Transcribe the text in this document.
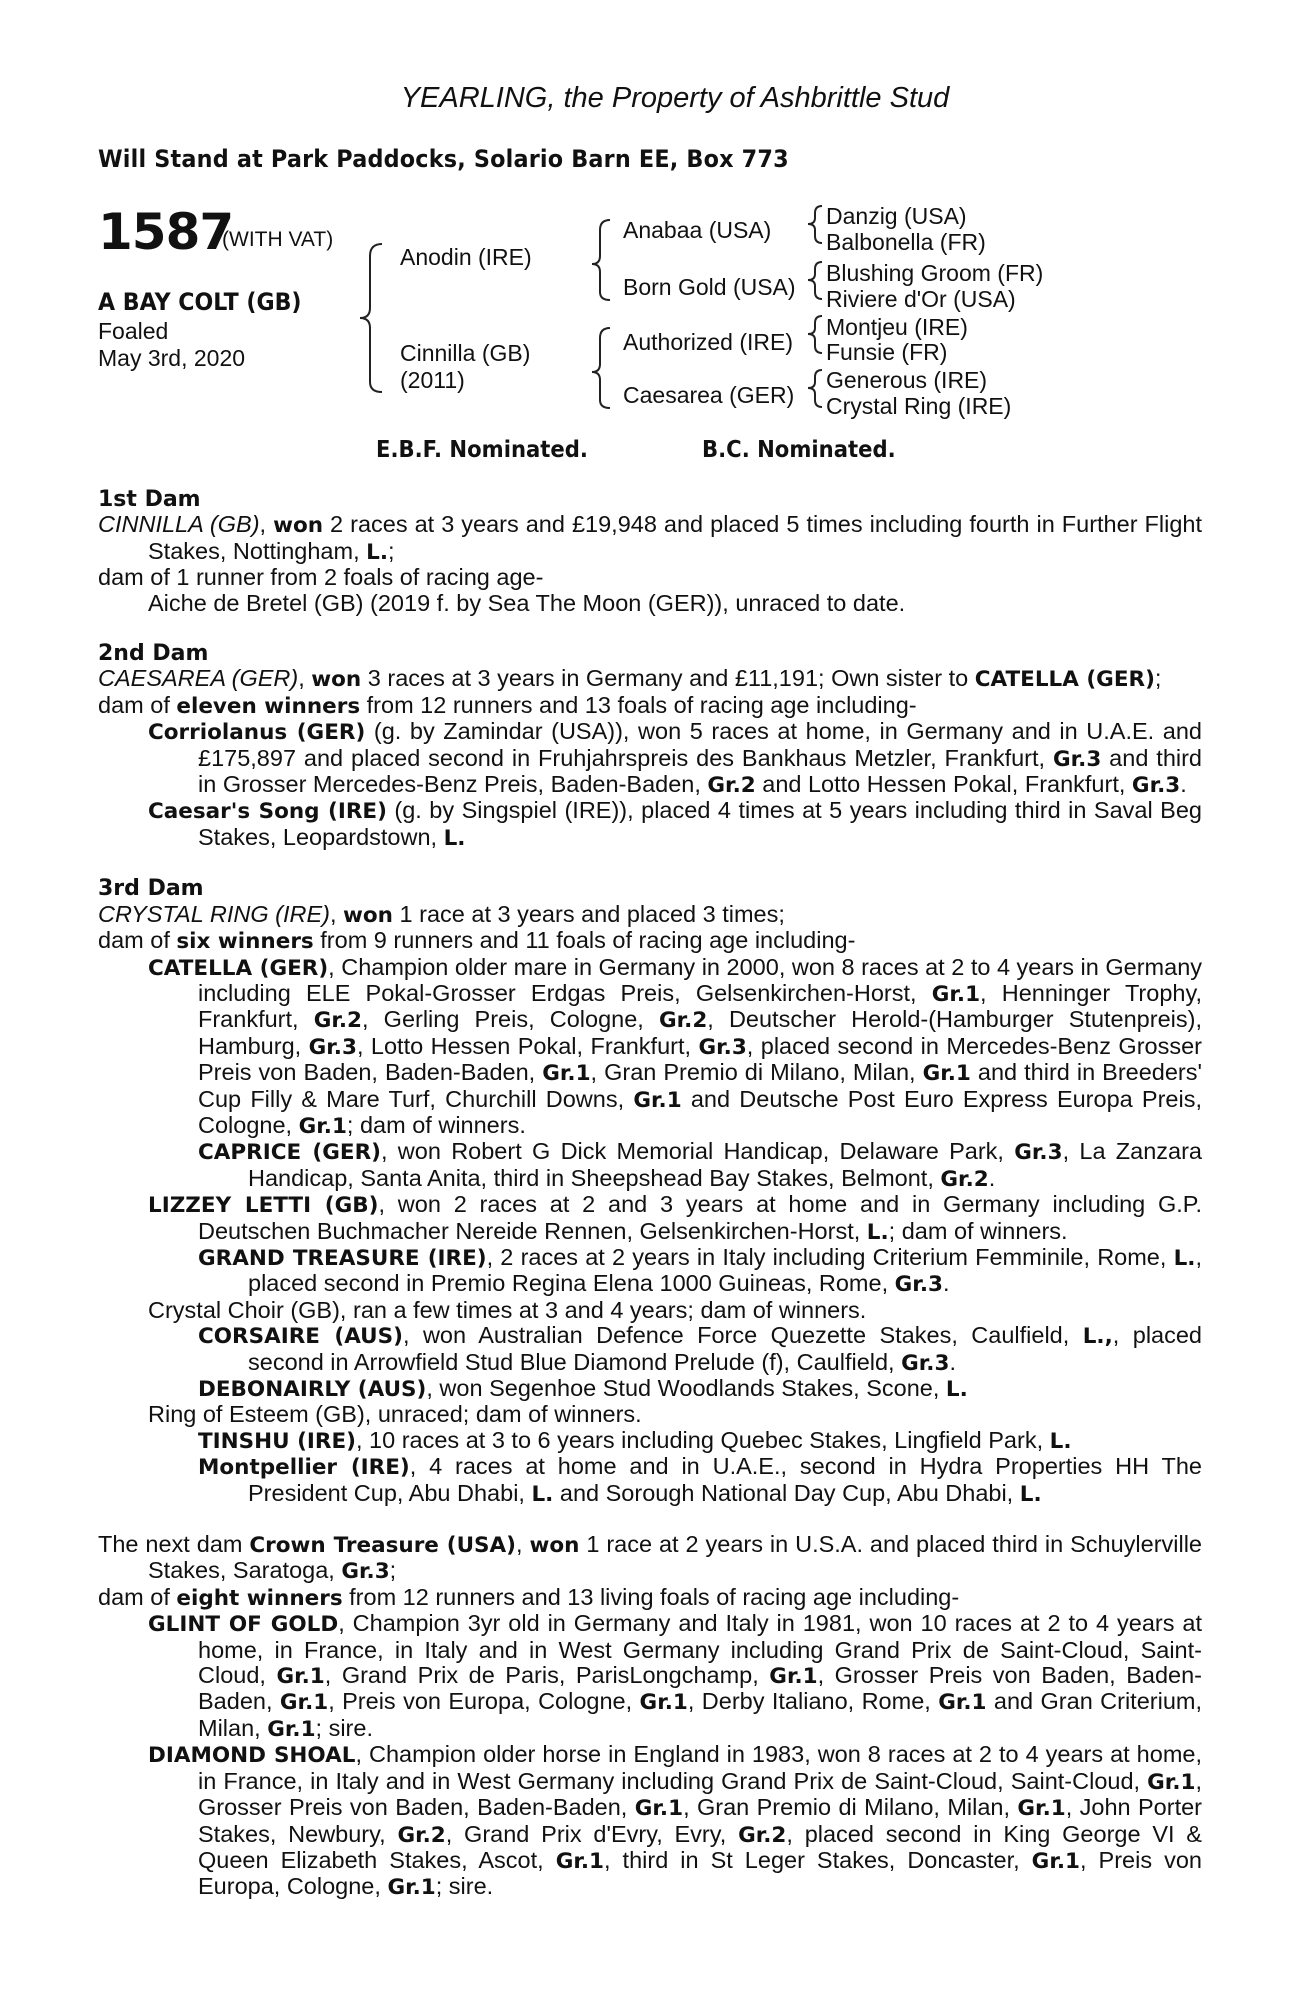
YEARLING, the Property of Ashbrittle Stud
Will Stand at Park Paddocks, Solario Barn EE, Box 773
1587
(WITH VAT)
A BAY COLT (GB)
Foaled
May 3rd, 2020
Anodin (IRE)
Cinnilla (GB)
(2011)
Anabaa (USA)
Born Gold (USA)
Authorized (IRE)
Caesarea (GER)
Danzig (USA)
Balbonella (FR)
Blushing Groom (FR)
Riviere d'Or (USA)
Montjeu (IRE)
Funsie (FR)
Generous (IRE)
Crystal Ring (IRE)
E.B.F. Nominated.	B.C. Nominated.
1st Dam
CINNILLA (GB), won 2 races at 3 years and £19,948 and placed 5 times including fourth in Further Flight Stakes, Nottingham, L.;
dam of 1 runner from 2 foals of racing age-
Aiche de Bretel (GB) (2019 f. by Sea The Moon (GER)), unraced to date.
2nd Dam
CAESAREA (GER), won 3 races at 3 years in Germany and £11,191; Own sister to CATELLA (GER);
dam of eleven winners from 12 runners and 13 foals of racing age including-
Corriolanus (GER) (g. by Zamindar (USA)), won 5 races at home, in Germany and in U.A.E. and £175,897 and placed second in Fruhjahrspreis des Bankhaus Metzler, Frankfurt, Gr.3 and third in Grosser Mercedes-Benz Preis, Baden-Baden, Gr.2 and Lotto Hessen Pokal, Frankfurt, Gr.3.
Caesar's Song (IRE) (g. by Singspiel (IRE)), placed 4 times at 5 years including third in Saval Beg Stakes, Leopardstown, L.
3rd Dam
CRYSTAL RING (IRE), won 1 race at 3 years and placed 3 times;
dam of six winners from 9 runners and 11 foals of racing age including-
CATELLA (GER), Champion older mare in Germany in 2000, won 8 races at 2 to 4 years in Germany including ELE Pokal-Grosser Erdgas Preis, Gelsenkirchen-Horst, Gr.1, Henninger Trophy, Frankfurt, Gr.2, Gerling Preis, Cologne, Gr.2, Deutscher Herold-(Hamburger Stutenpreis), Hamburg, Gr.3, Lotto Hessen Pokal, Frankfurt, Gr.3, placed second in Mercedes-Benz Grosser Preis von Baden, Baden-Baden, Gr.1, Gran Premio di Milano, Milan, Gr.1 and third in Breeders' Cup Filly & Mare Turf, Churchill Downs, Gr.1 and Deutsche Post Euro Express Europa Preis, Cologne, Gr.1; dam of winners.
CAPRICE (GER), won Robert G Dick Memorial Handicap, Delaware Park, Gr.3, La Zanzara Handicap, Santa Anita, third in Sheepshead Bay Stakes, Belmont, Gr.2.
LIZZEY LETTI (GB), won 2 races at 2 and 3 years at home and in Germany including G.P. Deutschen Buchmacher Nereide Rennen, Gelsenkirchen-Horst, L.; dam of winners.
GRAND TREASURE (IRE), 2 races at 2 years in Italy including Criterium Femminile, Rome, L., placed second in Premio Regina Elena 1000 Guineas, Rome, Gr.3.
Crystal Choir (GB), ran a few times at 3 and 4 years; dam of winners.
CORSAIRE (AUS), won Australian Defence Force Quezette Stakes, Caulfield, L.,, placed second in Arrowfield Stud Blue Diamond Prelude (f), Caulfield, Gr.3.
DEBONAIRLY (AUS), won Segenhoe Stud Woodlands Stakes, Scone, L.
Ring of Esteem (GB), unraced; dam of winners.
TINSHU (IRE), 10 races at 3 to 6 years including Quebec Stakes, Lingfield Park, L.
Montpellier (IRE), 4 races at home and in U.A.E., second in Hydra Properties HH The President Cup, Abu Dhabi, L. and Sorough National Day Cup, Abu Dhabi, L.
The next dam Crown Treasure (USA), won 1 race at 2 years in U.S.A. and placed third in Schuylerville Stakes, Saratoga, Gr.3;
dam of eight winners from 12 runners and 13 living foals of racing age including-
GLINT OF GOLD, Champion 3yr old in Germany and Italy in 1981, won 10 races at 2 to 4 years at home, in France, in Italy and in West Germany including Grand Prix de Saint-Cloud, Saint-Cloud, Gr.1, Grand Prix de Paris, ParisLongchamp, Gr.1, Grosser Preis von Baden, Baden-Baden, Gr.1, Preis von Europa, Cologne, Gr.1, Derby Italiano, Rome, Gr.1 and Gran Criterium, Milan, Gr.1; sire.
DIAMOND SHOAL, Champion older horse in England in 1983, won 8 races at 2 to 4 years at home, in France, in Italy and in West Germany including Grand Prix de Saint-Cloud, Saint-Cloud, Gr.1, Grosser Preis von Baden, Baden-Baden, Gr.1, Gran Premio di Milano, Milan, Gr.1, John Porter Stakes, Newbury, Gr.2, Grand Prix d'Evry, Evry, Gr.2, placed second in King George VI & Queen Elizabeth Stakes, Ascot, Gr.1, third in St Leger Stakes, Doncaster, Gr.1, Preis von Europa, Cologne, Gr.1; sire.
